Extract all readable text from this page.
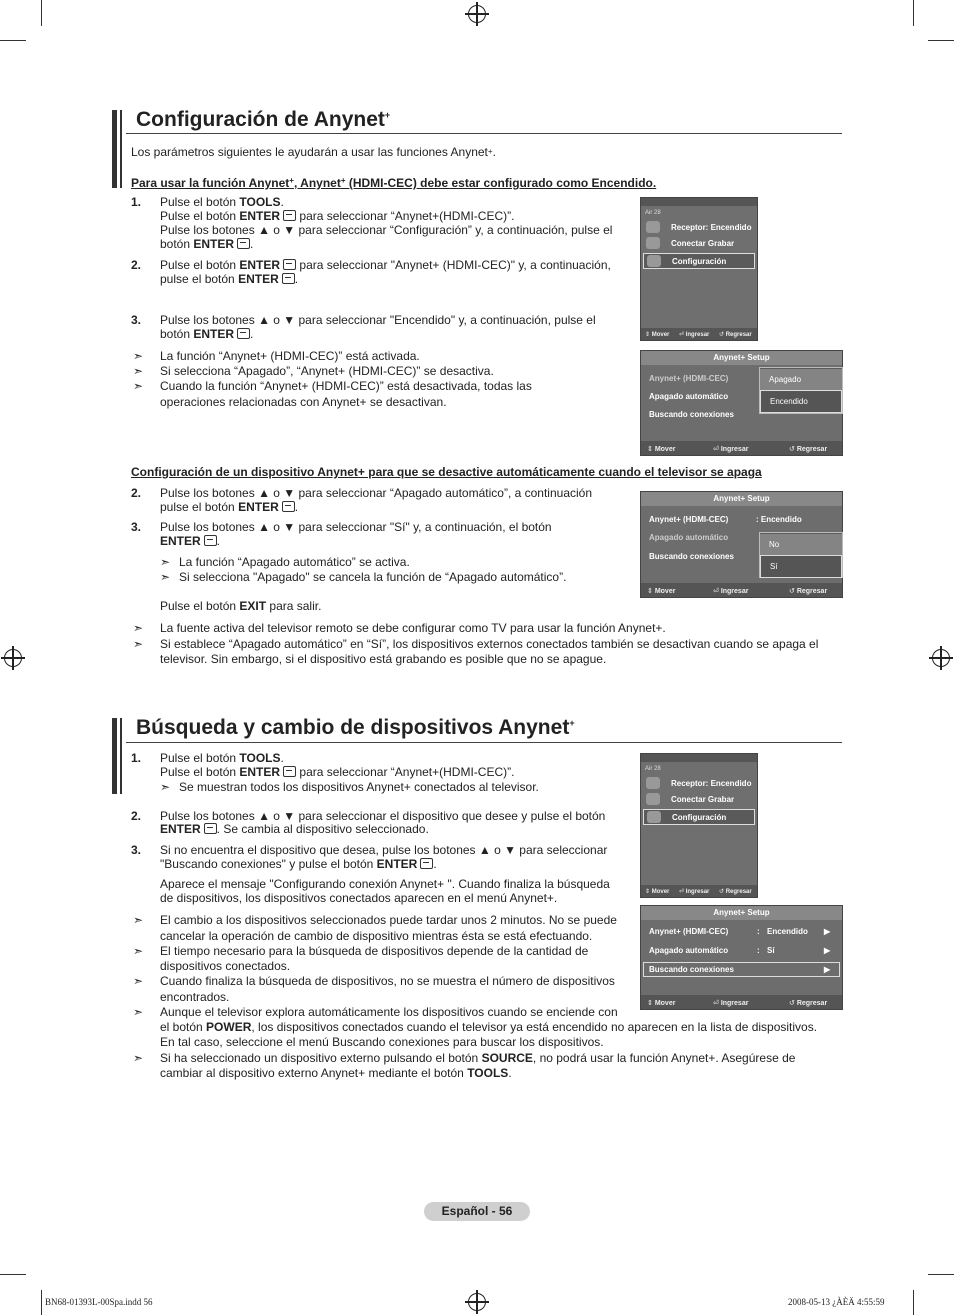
Configuración de Anynet+
Los parámetros siguientes le ayudarán a usar las funciones Anynet+.
Para usar la función Anynet+, Anynet+ (HDMI-CEC) debe estar configurado como Encendido.
1. Pulse el botón TOOLS.
Pulse el botón ENTER para seleccionar “Anynet+(HDMI-CEC)”.
Pulse los botones ▲ o ▼ para seleccionar “Configuración” y, a continuación, pulse el
botón ENTER .
2. Pulse el botón ENTER para seleccionar "Anynet+ (HDMI-CEC)" y, a continuación,
pulse el botón ENTER .
3. Pulse los botones ▲ o ▼ para seleccionar "Encendido" y, a continuación, pulse el
botón ENTER .
➣ La función “Anynet+ (HDMI-CEC)” está activada.
➣ Si selecciona “Apagado”, “Anynet+ (HDMI-CEC)” se desactiva.
➣ Cuando la función “Anynet+ (HDMI-CEC)” está desactivada, todas las
operaciones relacionadas con Anynet+ se desactivan.
Air 28
Receptor: Encendido
Conectar Grabar
Configuración
⇕ Mover ⏎ Ingresar ↺ Regresar
Anynet+ Setup
Anynet+ (HDMI-CEC)
Apagado automático
Buscando conexiones
Apagado
Encendido
⇕ Mover	⏎ Ingresar	↺ Regresar
Configuración de un dispositivo Anynet+ para que se desactive automáticamente cuando el televisor se apaga
2. Pulse los botones ▲ o ▼ para seleccionar “Apagado automático”, a continuación
pulse el botón ENTER .
3. Pulse los botones ▲ o ▼ para seleccionar "Sí" y, a continuación, el botón
ENTER .
➣ La función “Apagado automático” se activa.
➣ Si selecciona "Apagado" se cancela la función de “Apagado automático”.
Pulse el botón EXIT para salir.
➣ La fuente activa del televisor remoto se debe configurar como TV para usar la función Anynet+.
➣ Si establece “Apagado automático” en “Sí”, los dispositivos externos conectados también se desactivan cuando se apaga el
televisor. Sin embargo, si el dispositivo está grabando es posible que no se apague.
Anynet+ Setup
Anynet+ (HDMI-CEC)	: Encendido
Apagado automático
Buscando conexiones
No
Sí
⇕ Mover	⏎ Ingresar	↺ Regresar
Búsqueda y cambio de dispositivos Anynet+
1. Pulse el botón TOOLS.
Pulse el botón ENTER para seleccionar “Anynet+(HDMI-CEC)”.
➣ Se muestran todos los dispositivos Anynet+ conectados al televisor.
2. Pulse los botones ▲ o ▼ para seleccionar el dispositivo que desee y pulse el botón
ENTER . Se cambia al dispositivo seleccionado.
3. Si no encuentra el dispositivo que desea, pulse los botones ▲ o ▼ para seleccionar
"Buscando conexiones" y pulse el botón ENTER .
Aparece el mensaje "Configurando conexión Anynet+ ". Cuando finaliza la búsqueda
de dispositivos, los dispositivos conectados aparecen en el menú Anynet+.
➣ El cambio a los dispositivos seleccionados puede tardar unos 2 minutos. No se puede
cancelar la operación de cambio de dispositivo mientras ésta se está efectuando.
➣ El tiempo necesario para la búsqueda de dispositivos depende de la cantidad de
dispositivos conectados.
➣ Cuando finaliza la búsqueda de dispositivos, no se muestra el número de dispositivos
encontrados.
➣ Aunque el televisor explora automáticamente los dispositivos cuando se enciende con
el botón POWER, los dispositivos conectados cuando el televisor ya está encendido no aparecen en la lista de dispositivos.
En tal caso, seleccione el menú Buscando conexiones para buscar los dispositivos.
➣ Si ha seleccionado un dispositivo externo pulsando el botón SOURCE, no podrá usar la función Anynet+. Asegúrese de
cambiar al dispositivo externo Anynet+ mediante el botón TOOLS.
Air 28
Receptor: Encendido
Conectar Grabar
Configuración
⇕ Mover ⏎ Ingresar ↺ Regresar
Anynet+ Setup
Anynet+ (HDMI-CEC)	: Encendido ▶
Apagado automático	: Sí	▶
Buscando conexiones	▶
⇕ Mover	⏎ Ingresar	↺ Regresar
Español - 56
BN68-01393L-00Spa.indd 56	2008-05-13 ¿ÀÈÄ 4:55:59
